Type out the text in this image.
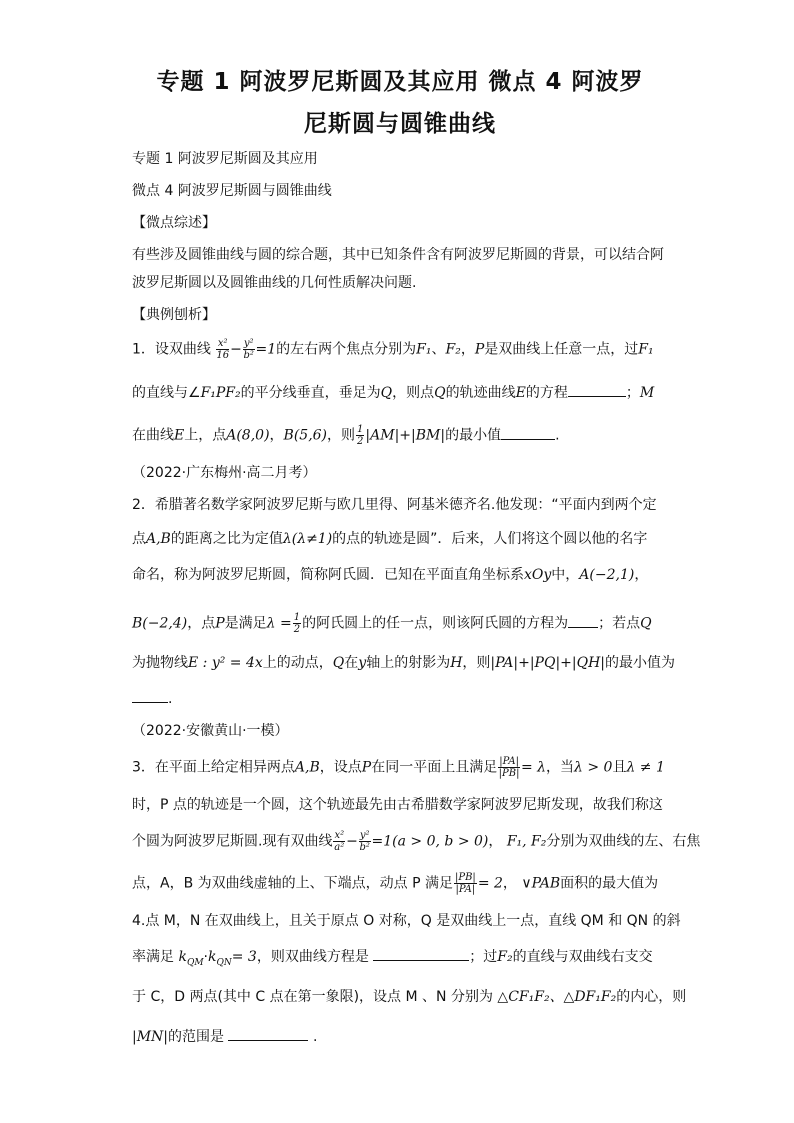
专题 1 阿波罗尼斯圆及其应用 微点 4 阿波罗
尼斯圆与圆锥曲线
专题 1 阿波罗尼斯圆及其应用
微点 4 阿波罗尼斯圆与圆锥曲线
【微点综述】
有些涉及圆锥曲线与圆的综合题，其中已知条件含有阿波罗尼斯圆的背景，可以结合阿
波罗尼斯圆以及圆锥曲线的几何性质解决问题.
【典例刨析】
1．设双曲线 $\frac{\text{x²}}{16} - \frac{\text{y²}}{\text{b²}} =1$的左右两个焦点分别为F₁、F₂，P是双曲线上任意一点，过F₁
的直线与∠F₁PF₂的平分线垂直，垂足为Q，则点Q的轨迹曲线E的方程	；M
在曲线E上，点A(8,0)，B(5,6)，则 $\frac{1}{2} |AM|+|BM|$的最小值	.
（2022·广东梅州·高二月考）
2．希腊著名数学家阿波罗尼斯与欧几里得、阿基米德齐名.他发现：“平面内到两个定
点A,B的距离之比为定值λ(λ≠1)的点的轨迹是圆”．后来，人们将这个圆以他的名字
命名，称为阿波罗尼斯圆，简称阿氏圆．已知在平面直角坐标系xOy中，A(−2,1)，
B(−2,4)，点P是满足$\lambda = \frac{1}{2}$ 的阿氏圆上的任一点，则该阿氏圆的方程为 ；若点Q
为抛物线E : y² = 4x上的动点，Q在y轴上的射影为H，则|PA|+|PQ|+|QH|的最小值为
.
（2022·安徽黄山·一模）
3．在平面上给定相异两点A,B，设点P在同一平面上且满足 $\frac{|PA|}{|PB|} = \lambda$，当λ > 0且λ ≠ 1
时，P 点的轨迹是一个圆，这个轨迹最先由古希腊数学家阿波罗尼斯发现，故我们称这
个圆为阿波罗尼斯圆.现有双曲线 $\frac{\text{x²}}{\text{a²}} - \frac{\text{y²}}{\text{b²}} =1(a > 0$, b > 0)， F₁, F₂分别为双曲线的左、右焦
点，A，B 为双曲线虚轴的上、下端点，动点 P 满足 $\frac{|PB|}{|PA|} = 2$， ∨PAB面积的最大值为
4.点 M，N 在双曲线上，且关于原点 O 对称，Q 是双曲线上一点，直线 QM 和 QN 的斜
率满足 $k_{QM}\cdot k_{QN}= 3$，则双曲线方程是	；过F₂的直线与双曲线右支交
于 C，D 两点(其中 C 点在第一象限)，设点 M 、N 分别为 △CF₁F₂、△DF₁F₂的内心，则
|MN|的范围是	.
